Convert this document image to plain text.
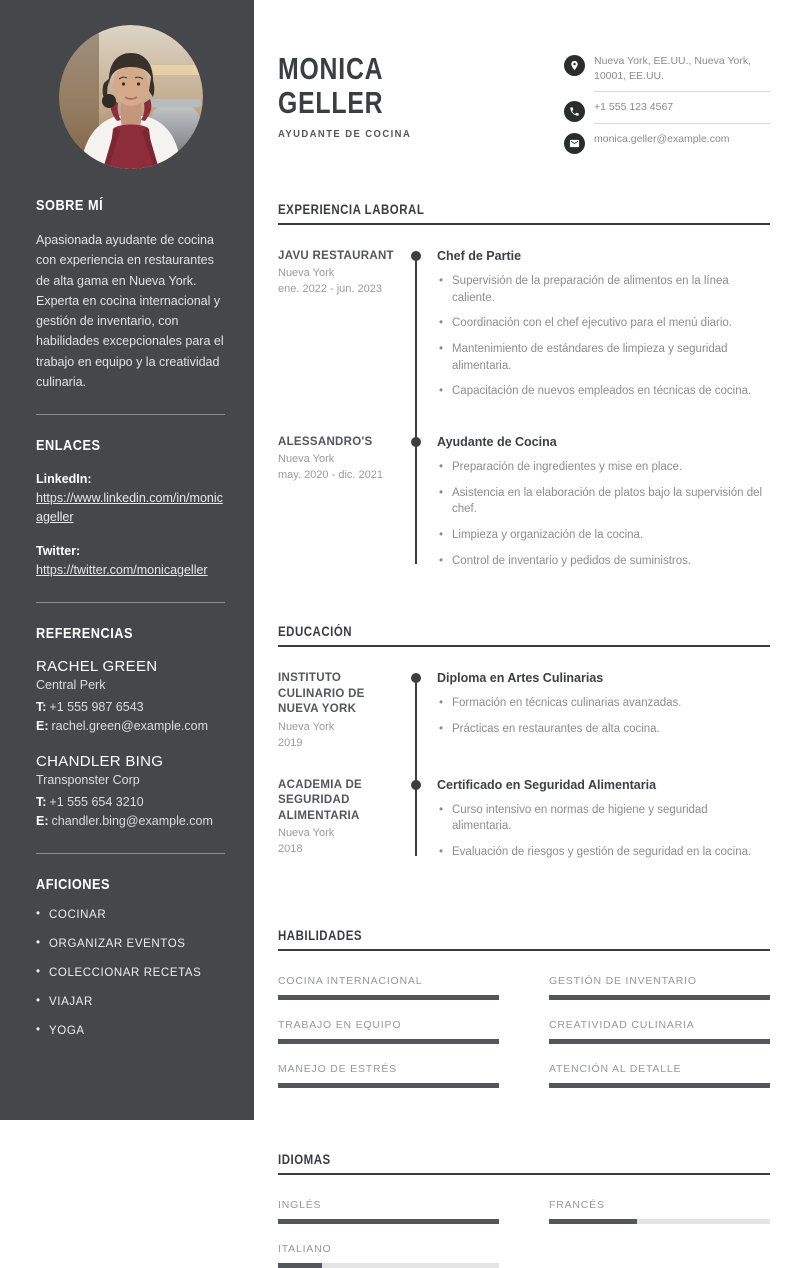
SOBRE MÍ

Apasionada ayudante de cocina con experiencia en restaurantes de alta gama en Nueva York. Experta en cocina internacional y gestión de inventario, con habilidades excepcionales para el trabajo en equipo y la creatividad culinaria.

ENLACES
LinkedIn:
https://www.linkedin.com/in/monicageller
Twitter:
https://twitter.com/monicageller
REFERENCIAS
RACHEL GREEN
Central Perk
T: +1 555 987 6543
E: rachel.green@example.com
CHANDLER BING
Transponster Corp
T: +1 555 654 3210
E: chandler.bing@example.com
AFICIONES
• COCINAR
• ORGANIZAR EVENTOS
• COLECCIONAR RECETAS
• VIAJAR
• YOGA
MONICA
GELLER
AYUDANTE DE COCINA
Nueva York, EE.UU., Nueva York, 10001, EE.UU.
+1 555 123 4567
monica.geller@example.com
EXPERIENCIA LABORAL
JAVU RESTAURANT
Nueva York
ene. 2022 - jun. 2023
Chef de Partie
• Supervisión de la preparación de alimentos en la línea caliente.
• Coordinación con el chef ejecutivo para el menú diario.
• Mantenimiento de estándares de limpieza y seguridad alimentaria.
• Capacitación de nuevos empleados en técnicas de cocina.
ALESSANDRO'S
Nueva York
may. 2020 - dic. 2021
Ayudante de Cocina
• Preparación de ingredientes y mise en place.
• Asistencia en la elaboración de platos bajo la supervisión del chef.
• Limpieza y organización de la cocina.
• Control de inventario y pedidos de suministros.
EDUCACIÓN
INSTITUTO CULINARIO DE NUEVA YORK
Nueva York
2019
Diploma en Artes Culinarias
• Formación en técnicas culinarias avanzadas.
• Prácticas en restaurantes de alta cocina.
ACADEMIA DE SEGURIDAD ALIMENTARIA
Nueva York
2018
Certificado en Seguridad Alimentaria
• Curso intensivo en normas de higiene y seguridad alimentaria.
• Evaluación de riesgos y gestión de seguridad en la cocina.
HABILIDADES
COCINA INTERNACIONAL	GESTIÓN DE INVENTARIO
TRABAJO EN EQUIPO	CREATIVIDAD CULINARIA
MANEJO DE ESTRÉS	ATENCIÓN AL DETALLE
IDIOMAS
INGLÉS	FRANCÉS
ITALIANO
